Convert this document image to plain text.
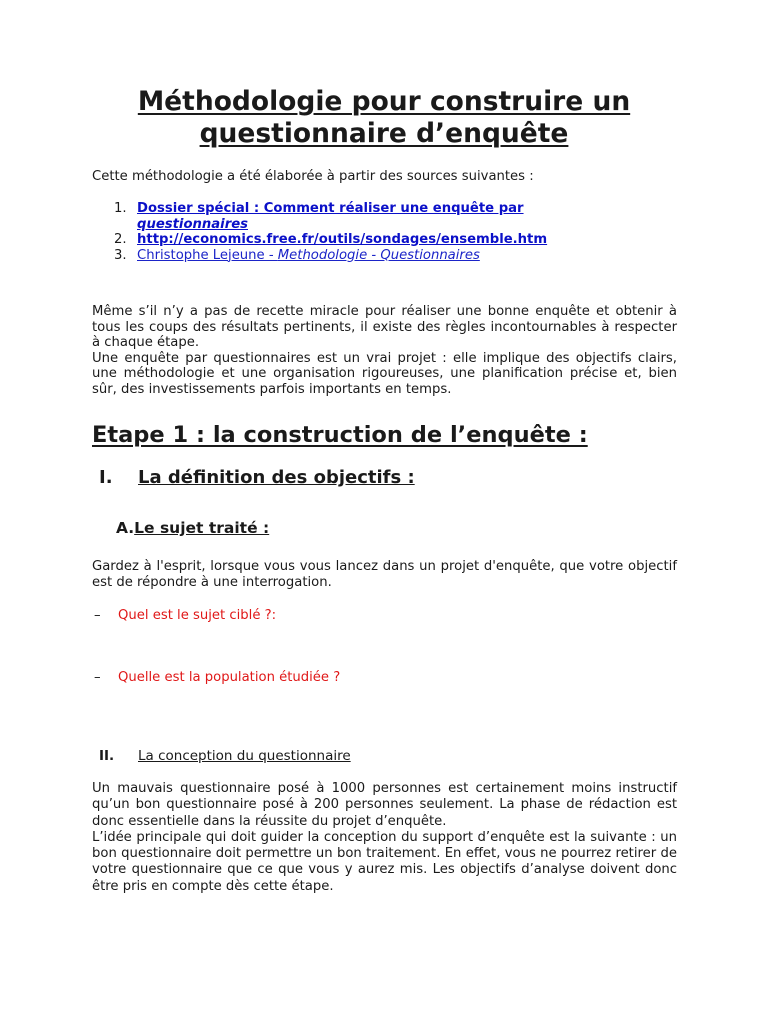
Méthodologie pour construire un
questionnaire d’enquête
Cette méthodologie a été élaborée à partir des sources suivantes :
1. Dossier spécial : Comment réaliser une enquête par
questionnaires
2. http://economics.free.fr/outils/sondages/ensemble.htm
3. Christophe Lejeune - Methodologie - Questionnaires

Même s’il n’y a pas de recette miracle pour réaliser une bonne enquête et obtenir à tous les coups des résultats pertinents, il existe des règles incontournables à respecter à chaque étape.
Une enquête par questionnaires est un vrai projet : elle implique des objectifs clairs, une méthodologie et une organisation rigoureuses, une planification précise et, bien sûr, des investissements parfois importants en temps.

Etape 1 : la construction de l’enquête :
I. La définition des objectifs :
A.Le sujet traité :

Gardez à l'esprit, lorsque vous vous lancez dans un projet d'enquête, que votre objectif est de répondre à une interrogation.

– Quel est le sujet ciblé ?:
– Quelle est la population étudiée ?
II. La conception du questionnaire

Un mauvais questionnaire posé à 1000 personnes est certainement moins instructif qu’un bon questionnaire posé à 200 personnes seulement. La phase de rédaction est donc essentielle dans la réussite du projet d’enquête.
L’idée principale qui doit guider la conception du support d’enquête est la suivante : un bon questionnaire doit permettre un bon traitement. En effet, vous ne pourrez retirer de votre questionnaire que ce que vous y aurez mis. Les objectifs d’analyse doivent donc être pris en compte dès cette étape.
